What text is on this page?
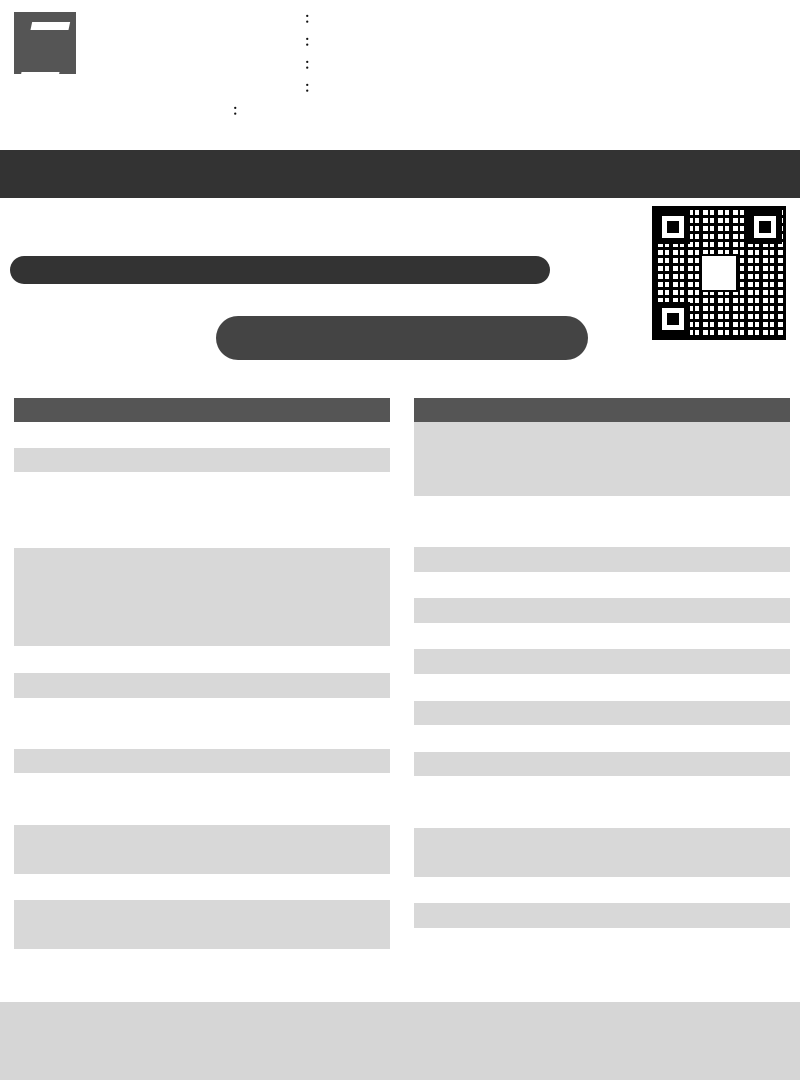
：
：
：
：
：
